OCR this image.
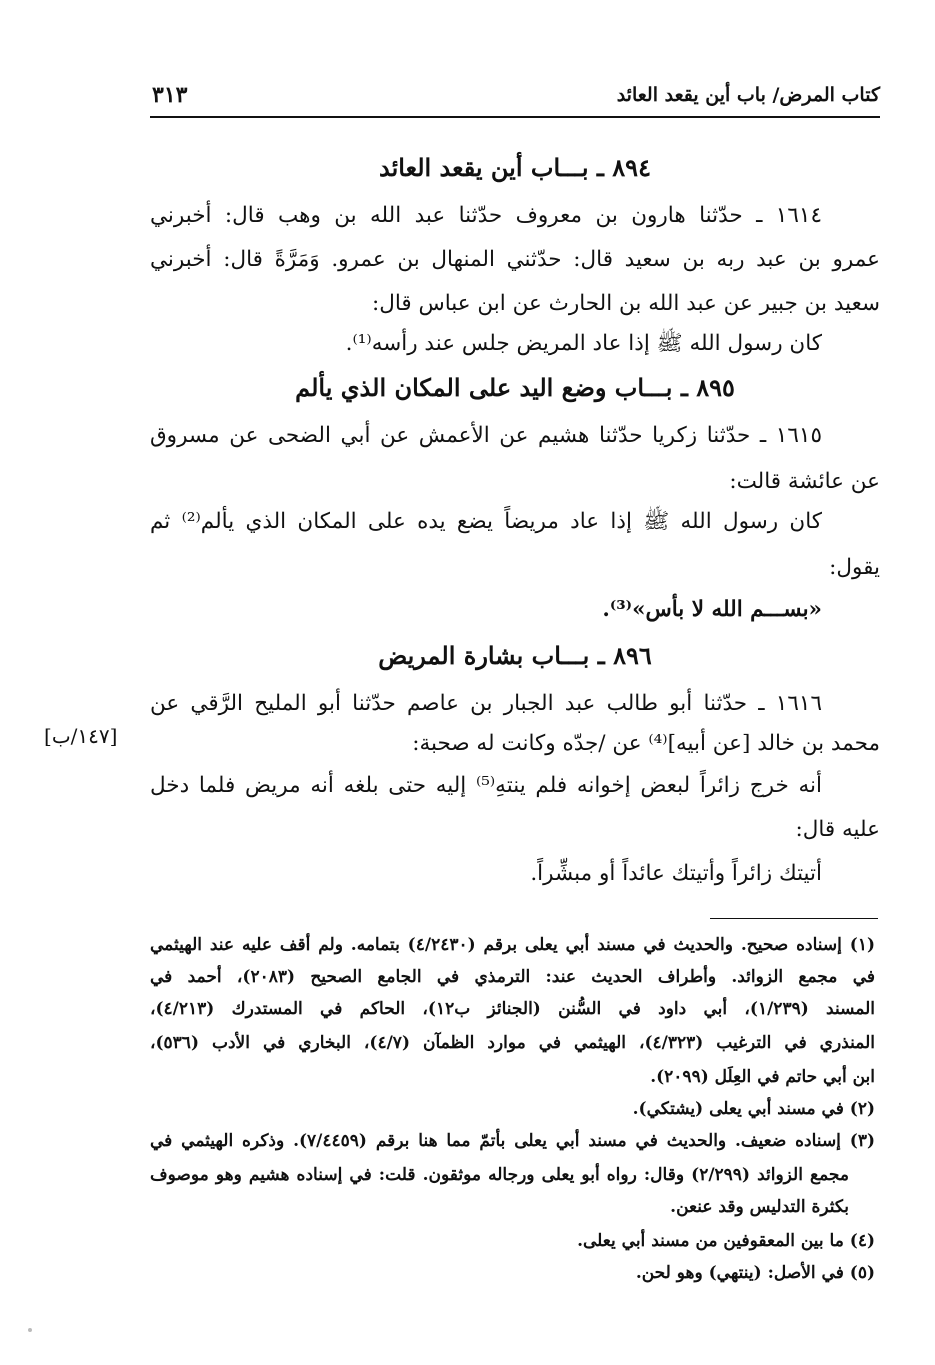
كتاب المرض/ باب أين يقعد العائد
٣١٣
٨٩٤ ـ بـــاب أين يقعد العائد
١٦١٤ ـ حدّثنا هارون بن معروف حدّثنا عبد الله بن وهب قال: أخبرني
عمرو بن عبد ربه بن سعيد قال: حدّثني المنهال بن عمرو. وَمَرَّةً قال: أخبرني
سعيد بن جبير عن عبد الله بن الحارث عن ابن عباس قال:
كان رسول الله ﷺ إذا عاد المريض جلس عند رأسه⁽¹⁾.
٨٩٥ ـ بـــاب وضع اليد على المكان الذي يألم
١٦١٥ ـ حدّثنا زكريا حدّثنا هشيم عن الأعمش عن أبي الضحى عن مسروق
عن عائشة قالت:
كان رسول الله ﷺ إذا عاد مريضاً يضع يده على المكان الذي يألم⁽²⁾ ثم
يقول:
«بســـم الله لا بأس»⁽³⁾.
٨٩٦ ـ بـــاب بشارة المريض
١٦١٦ ـ حدّثنا أبو طالب عبد الجبار بن عاصم حدّثنا أبو المليح الرَّقي عن
محمد بن خالد [عن أبيه]⁽⁴⁾ عن /جدّه وكانت له صحبة:
أنه خرج زائراً لبعض إخوانه فلم ينتهِ⁽⁵⁾ إليه حتى بلغه أنه مريض فلما دخل
عليه قال:
أتيتك زائراً وأتيتك عائداً أو مبشِّراً.
[١٤٧/ب]
(١) إسناده صحيح. والحديث في مسند أبي يعلى برقم (٤/٢٤٣٠) بتمامه. ولم أقف عليه عند الهيثمي
في مجمع الزوائد. وأطراف الحديث عند: الترمذي في الجامع الصحيح (٢٠٨٣)، أحمد في
المسند (١/٢٣٩)، أبي داود في السُّنن (الجنائز ب١٢)، الحاكم في المستدرك (٤/٢١٣)،
المنذري في الترغيب (٤/٣٢٣)، الهيثمي في موارد الظمآن (٤/٧)، البخاري في الأدب (٥٣٦)،
ابن أبي حاتم في العِلَل (٢٠٩٩).
(٢) في مسند أبي يعلى (يشتكي).
(٣) إسناده ضعيف. والحديث في مسند أبي يعلى بأتمّ مما هنا برقم (٧/٤٤٥٩). وذكره الهيثمي في
مجمع الزوائد (٢/٢٩٩) وقال: رواه أبو يعلى ورجاله موثقون. قلت: في إسناده هشيم وهو موصوف
بكثرة التدليس وقد عنعن.
(٤) ما بين المعقوفين من مسند أبي يعلى.
(٥) في الأصل: (ينتهي) وهو لحن.
